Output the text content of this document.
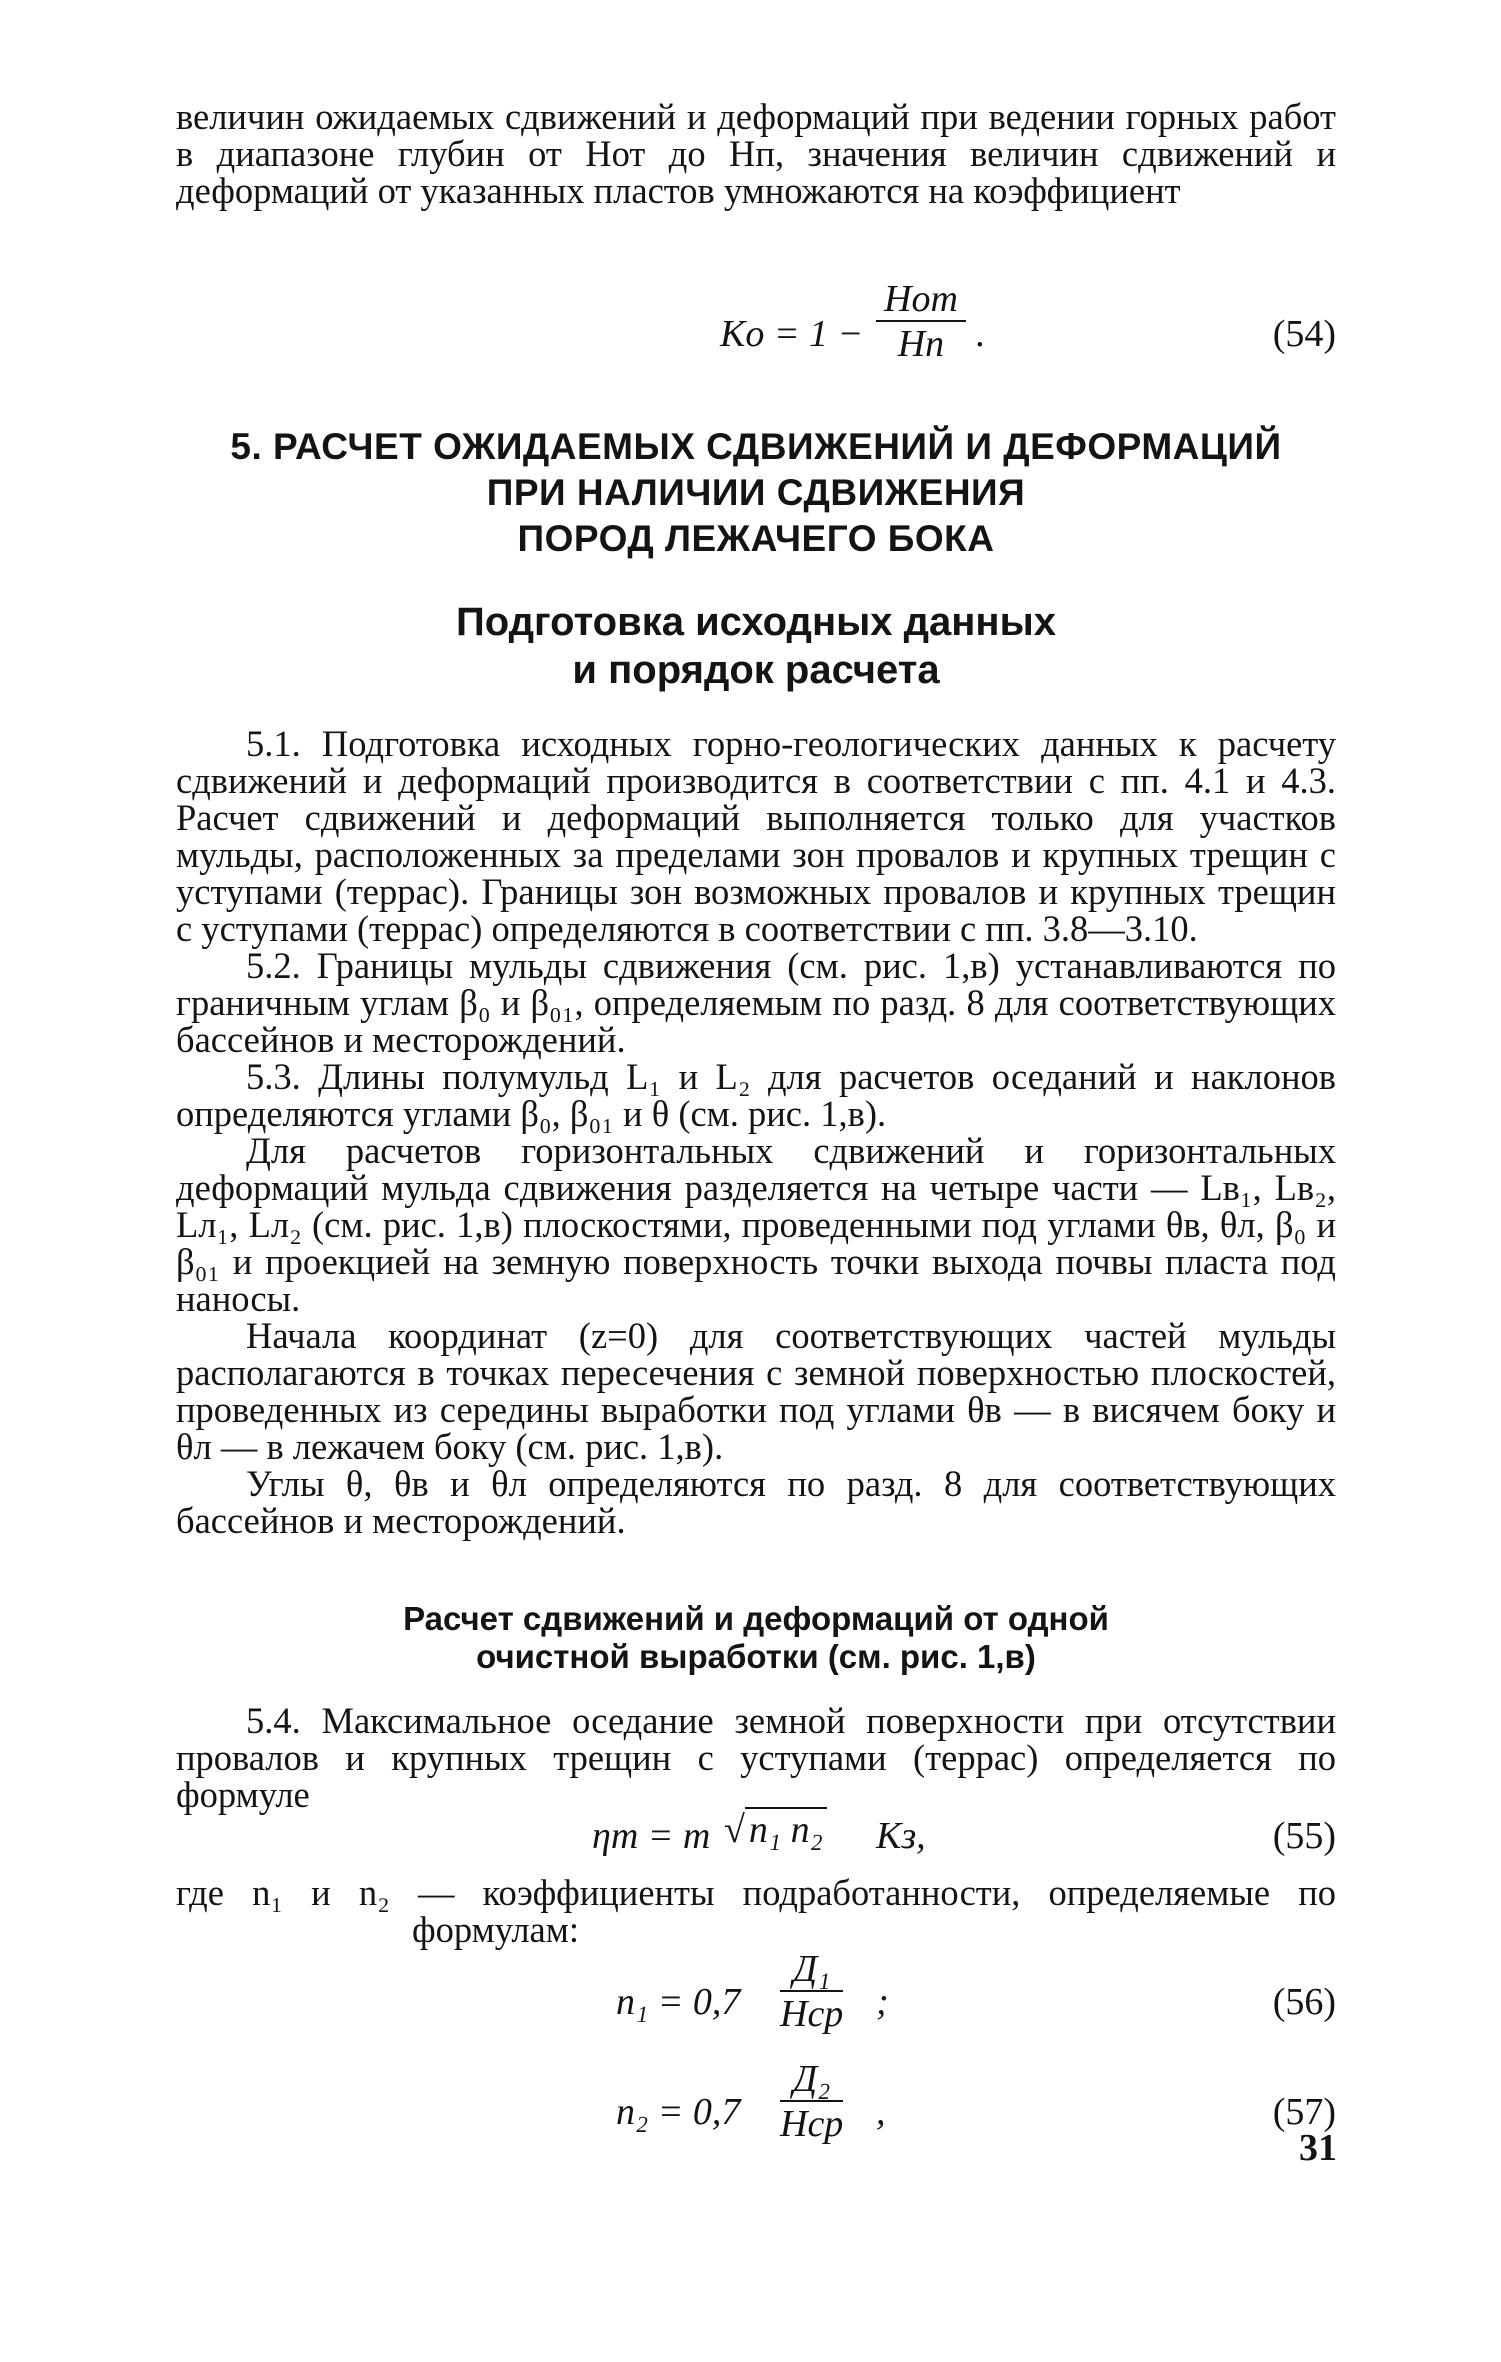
величин ожидаемых сдвижений и деформаций при ведении горных работ в диапазоне глубин от Hот до Hп, значения величин сдвижений и деформаций от указанных пластов умножаются на коэффициент

Kо = 1 −
Hот
Hп .	(54)
5. РАСЧЕТ ОЖИДАЕМЫХ СДВИЖЕНИЙ И ДЕФОРМАЦИЙ
ПРИ НАЛИЧИИ СДВИЖЕНИЯ
ПОРОД ЛЕЖАЧЕГО БОКА
Подготовка исходных данных
и порядок расчета

5.1. Подготовка исходных горно-геологических данных к расчету сдвижений и деформаций производится в соответствии с пп. 4.1 и 4.3. Расчет сдвижений и деформаций выполняется только для участков мульды, расположенных за пределами зон провалов и крупных трещин с уступами (террас). Границы зон возможных провалов и крупных трещин с уступами (террас) определяются в соответствии с пп. 3.8—3.10.

5.2. Границы мульды сдвижения (см. рис. 1,в) устанавливаются по граничным углам β₀ и β₀₁, определяемым по разд. 8 для соответствующих бассейнов и месторождений.

5.3. Длины полумульд L₁ и L₂ для расчетов оседаний и наклонов определяются углами β₀, β₀₁ и θ (см. рис. 1,в).

Для расчетов горизонтальных сдвижений и горизонтальных деформаций мульда сдвижения разделяется на четыре части — Lв₁, Lв₂, Lл₁, Lл₂ (см. рис. 1,в) плоскостями, проведенными под углами θв, θл, β₀ и β₀₁ и проекцией на земную поверхность точки выхода почвы пласта под наносы.

Начала координат (z=0) для соответствующих частей мульды располагаются в точках пересечения с земной поверхностью плоскостей, проведенных из середины выработки под углами θв — в висячем боку и θл — в лежачем боку (см. рис. 1,в).

Углы θ, θв и θл определяются по разд. 8 для соответствующих бассейнов и месторождений.

Расчет сдвижений и деформаций от одной
очистной выработки (см. рис. 1,в)

5.4. Максимальное оседание земной поверхности при отсутствии провалов и крупных трещин с уступами (террас) определяется по формуле

ηm = m √ n₁ n₂ Kз,	(55)
где n₁ и n₂ — коэффициенты подработанности, определяемые по
формулам:
n₁ = 0,7
Д₁
Hср ;	(56)
n₂ = 0,7
Д₂
Hср ,	(57)
31
